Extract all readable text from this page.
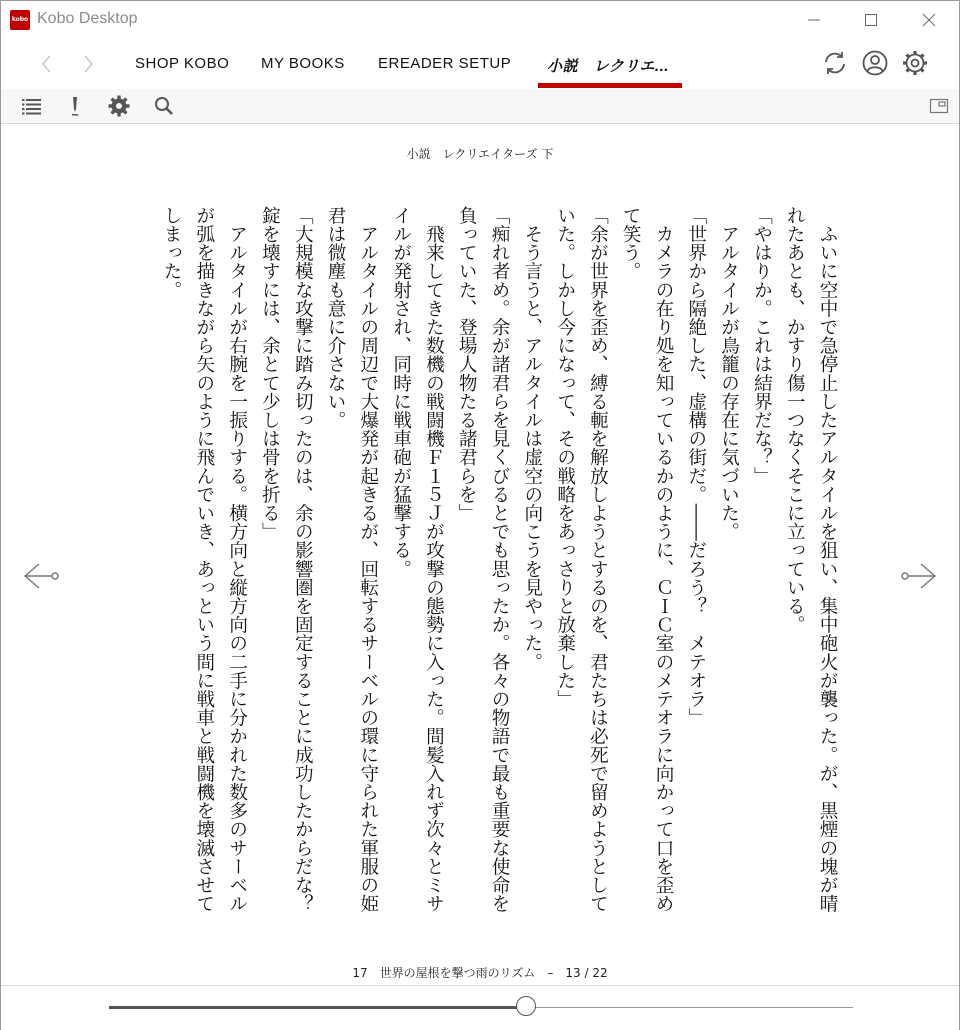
kobo Kobo Desktop
SHOP KOBO MY BOOKS EREADER SETUP 小説　レクリエ...
小説　レクリエイターズ 下

　ふいに空中で急停止したアルタイルを狙い、集中砲火が襲った。が、黒煙の塊が晴れたあとも、かすり傷一つなくそこに立っている。

「やはりか。これは結界だな？」

　アルタイルが鳥籠の存在に気づいた。

「世界から隔絶した、虚構の街だ。――だろう？　メテオラ」

　カメラの在り処を知っているかのように、ＣＩＣ室のメテオラに向かって口を歪めて笑う。

「余が世界を歪め、縛る軛を解放しようとするのを、君たちは必死で留めようとしていた。しかし今になって、その戦略をあっさりと放棄した」

　そう言うと、アルタイルは虚空の向こうを見やった。

「痴れ者め。余が諸君らを見くびるとでも思ったか。各々の物語で最も重要な使命を負っていた、登場人物たる諸君らを」

　飛来してきた数機の戦闘機Ｆ１５Ｊが攻撃の態勢に入った。間髪入れず次々とミサイルが発射され、同時に戦車砲が猛撃する。

　アルタイルの周辺で大爆発が起きるが、回転するサーベルの環に守られた軍服の姫君は微塵も意に介さない。

「大規模な攻撃に踏み切ったのは、余の影響圏を固定することに成功したからだな？　錠を壊すには、余とて少しは骨を折る」

　アルタイルが右腕を一振りする。横方向と縦方向の二手に分かれた数多のサーベルが弧を描きながら矢のように飛んでいき、あっという間に戦車と戦闘機を壊滅させてしまった。

17　世界の屋根を撃つ雨のリズム　–　13 / 22
